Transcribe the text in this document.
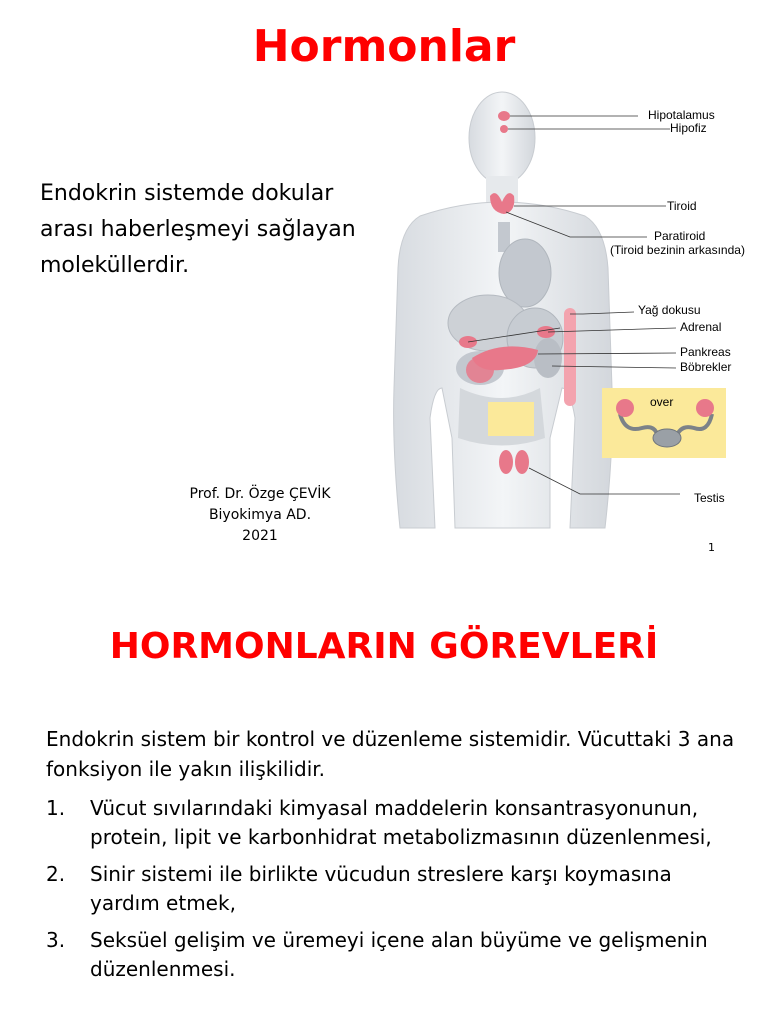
Hormonlar
Endokrin sistemde dokular arası haberleşmeyi sağlayan moleküllerdir.
over
Hipotalamus
Hipofiz
Tiroid
Paratiroid
(Tiroid bezinin arkasında)
Yağ dokusu
Adrenal
Pankreas
Böbrekler
Testis
Prof. Dr. Özge ÇEVİK
Biyokimya AD.
2021
1
HORMONLARIN GÖREVLERİ
Endokrin sistem bir kontrol ve düzenleme sistemidir. Vücuttaki 3 ana fonksiyon ile yakın ilişkilidir.
1. Vücut sıvılarındaki kimyasal maddelerin konsantrasyonunun, protein, lipit ve karbonhidrat metabolizmasının düzenlenmesi,
2. Sinir sistemi ile birlikte vücudun streslere karşı koymasına yardım etmek,
3. Seksüel gelişim ve üremeyi içene alan büyüme ve gelişmenin düzenlenmesi.
